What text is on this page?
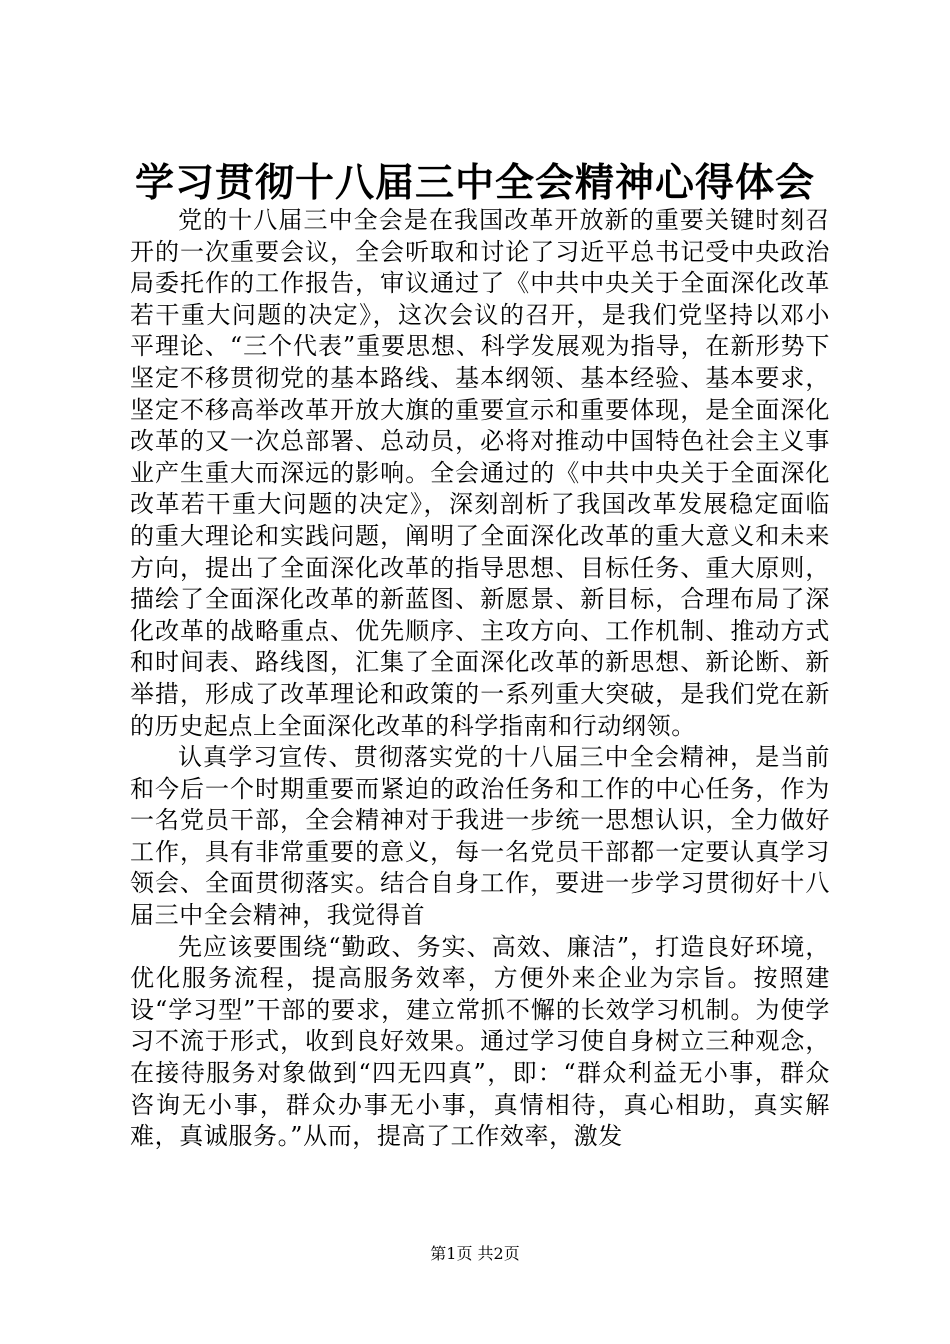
学习贯彻十八届三中全会精神心得体会

党的十八届三中全会是在我国改革开放新的重要关键时刻召开的一次重要会议，全会听取和讨论了习近平总书记受中央政治局委托作的工作报告，审议通过了《中共中央关于全面深化改革若干重大问题的决定》，这次会议的召开，是我们党坚持以邓小平理论、“三个代表”重要思想、科学发展观为指导，在新形势下坚定不移贯彻党的基本路线、基本纲领、基本经验、基本要求，坚定不移高举改革开放大旗的重要宣示和重要体现，是全面深化改革的又一次总部署、总动员，必将对推动中国特色社会主义事业产生重大而深远的影响。全会通过的《中共中央关于全面深化改革若干重大问题的决定》，深刻剖析了我国改革发展稳定面临的重大理论和实践问题，阐明了全面深化改革的重大意义和未来方向，提出了全面深化改革的指导思想、目标任务、重大原则，描绘了全面深化改革的新蓝图、新愿景、新目标，合理布局了深化改革的战略重点、优先顺序、主攻方向、工作机制、推动方式和时间表、路线图，汇集了全面深化改革的新思想、新论断、新举措，形成了改革理论和政策的一系列重大突破，是我们党在新的历史起点上全面深化改革的科学指南和行动纲领。

认真学习宣传、贯彻落实党的十八届三中全会精神，是当前和今后一个时期重要而紧迫的政治任务和工作的中心任务，作为一名党员干部，全会精神对于我进一步统一思想认识，全力做好工作，具有非常重要的意义，每一名党员干部都一定要认真学习领会、全面贯彻落实。结合自身工作，要进一步学习贯彻好十八届三中全会精神，我觉得首

先应该要围绕“勤政、务实、高效、廉洁”，打造良好环境，优化服务流程，提高服务效率，方便外来企业为宗旨。按照建设“学习型”干部的要求，建立常抓不懈的长效学习机制。为使学习不流于形式，收到良好效果。通过学习使自身树立三种观念，在接待服务对象做到“四无四真”，即：“群众利益无小事，群众咨询无小事，群众办事无小事，真情相待，真心相助，真实解难，真诚服务。”从而，提高了工作效率，激发

第1页 共2页
